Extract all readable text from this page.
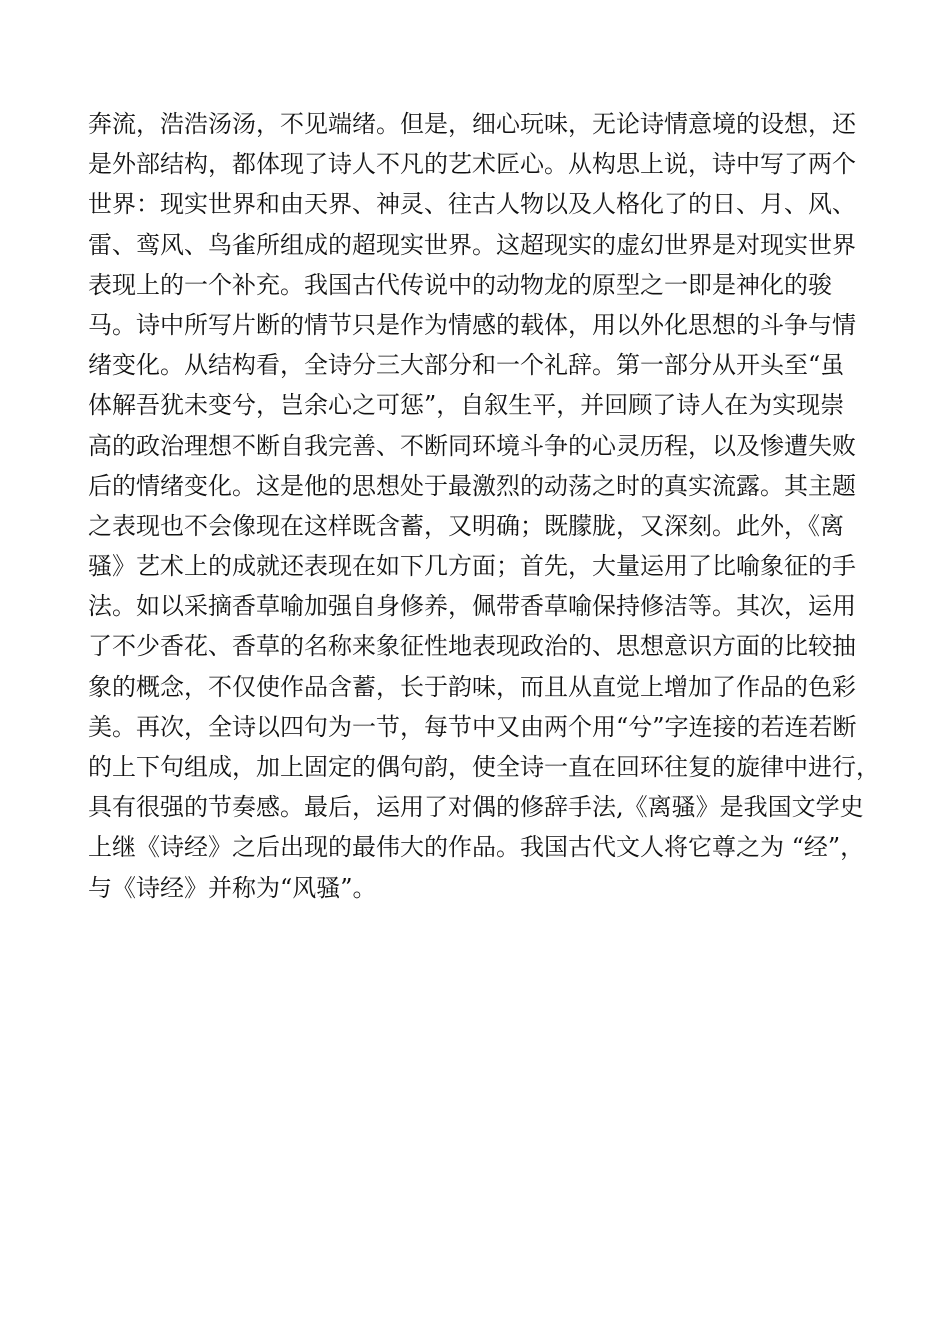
奔流，浩浩汤汤，不见端绪。但是，细心玩味，无论诗情意境的设想，还
是外部结构，都体现了诗人不凡的艺术匠心。从构思上说，诗中写了两个
世界：现实世界和由天界、神灵、往古人物以及人格化了的日、月、风、
雷、鸾风、鸟雀所组成的超现实世界。这超现实的虚幻世界是对现实世界
表现上的一个补充。我国古代传说中的动物龙的原型之一即是神化的骏
马。诗中所写片断的情节只是作为情感的载体，用以外化思想的斗争与情
绪变化。从结构看，全诗分三大部分和一个礼辞。第一部分从开头至“虽
体解吾犹未变兮，岂余心之可惩”，自叙生平，并回顾了诗人在为实现崇
高的政治理想不断自我完善、不断同环境斗争的心灵历程，以及惨遭失败
后的情绪变化。这是他的思想处于最激烈的动荡之时的真实流露。其主题
之表现也不会像现在这样既含蓄，又明确；既朦胧，又深刻。此外，《离
骚》艺术上的成就还表现在如下几方面；首先，大量运用了比喻象征的手
法。如以采摘香草喻加强自身修养，佩带香草喻保持修洁等。其次，运用
了不少香花、香草的名称来象征性地表现政治的、思想意识方面的比较抽
象的概念，不仅使作品含蓄，长于韵味，而且从直觉上增加了作品的色彩
美。再次，全诗以四句为一节，每节中又由两个用“兮”字连接的若连若断
的上下句组成，加上固定的偶句韵，使全诗一直在回环往复的旋律中进行，
具有很强的节奏感。最后，运用了对偶的修辞手法,《离骚》是我国文学史
上继《诗经》之后出现的最伟大的作品。我国古代文人将它尊之为 “经”，
与《诗经》并称为“风骚”。
